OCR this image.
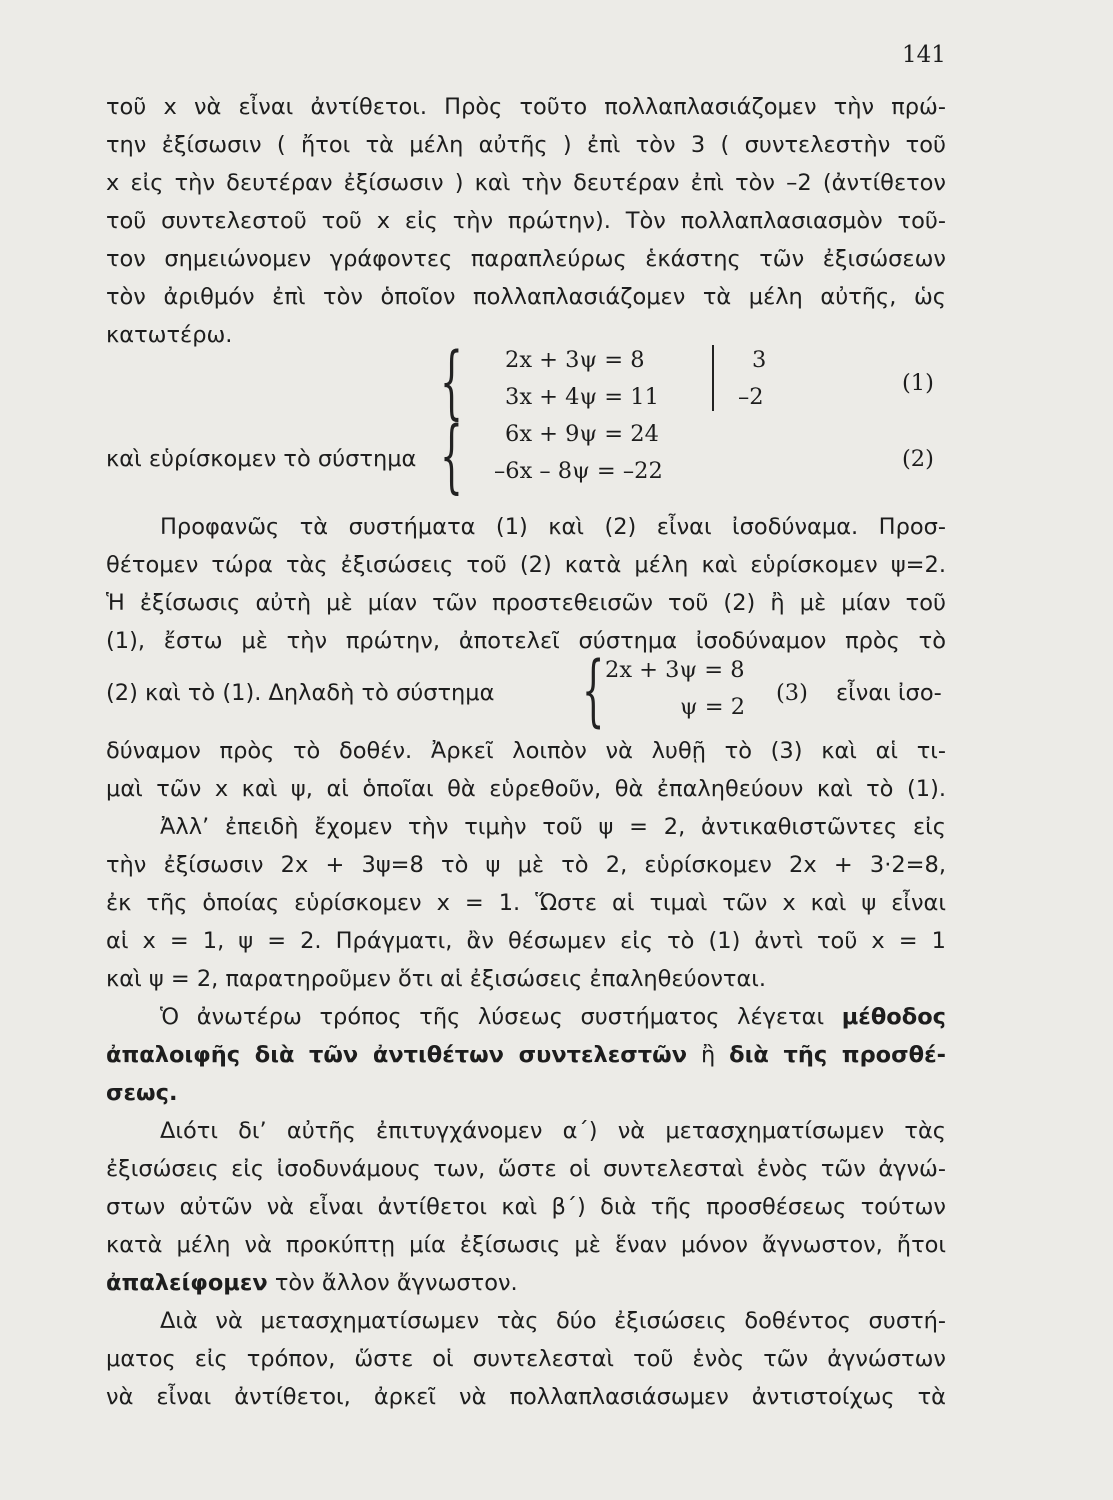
141
τοῦ x νὰ εἶναι ἀντίθετοι. Πρὸς τοῦτο πολλαπλασιάζομεν τὴν πρώ-
την ἐξίσωσιν ( ἤτοι τὰ μέλη αὐτῆς ) ἐπὶ τὸν 3 ( συντελεστὴν τοῦ
x εἰς τὴν δευτέραν ἐξίσωσιν ) καὶ τὴν δευτέραν ἐπὶ τὸν –2 (ἀντίθετον
τοῦ συντελεστοῦ τοῦ x εἰς τὴν πρώτην). Τὸν πολλαπλασιασμὸν τοῦ-
τον σημειώνομεν γράφοντες παραπλεύρως ἑκάστης τῶν ἐξισώσεων
τὸν ἀριθμόν ἐπὶ τὸν ὁποῖον πολλαπλασιάζομεν τὰ μέλη αὐτῆς, ὡς
κατωτέρω.	{ 2x + 3ψ = 8
3x + 4ψ = 11
3
–2
(1)
καὶ εὑρίσκομεν τὸ σύστημα { 6x + 9ψ = 24
–6x – 8ψ = –22	(2)
Προφανῶς τὰ συστήματα (1) καὶ (2) εἶναι ἰσοδύναμα. Προσ-
θέτομεν τώρα τὰς ἐξισώσεις τοῦ (2) κατὰ μέλη καὶ εὑρίσκομεν ψ=2.
Ἡ ἐξίσωσις αὐτὴ μὲ μίαν τῶν προστεθεισῶν τοῦ (2) ἢ μὲ μίαν τοῦ
(1), ἔστω μὲ τὴν πρώτην, ἀποτελεῖ σύστημα ἰσοδύναμον πρὸς τὸ
(2) καὶ τὸ (1). Δηλαδὴ τὸ σύστημα { 2x + 3ψ = 8
ψ = 2
(3) εἶναι ἰσο-
δύναμον πρὸς τὸ δοθέν. Ἀρκεῖ λοιπὸν νὰ λυθῇ τὸ (3) καὶ αἱ τι-
μαὶ τῶν x καὶ ψ, αἱ ὁποῖαι θὰ εὑρεθοῦν, θὰ ἐπαληθεύουν καὶ τὸ (1).
Ἀλλ’ ἐπειδὴ ἔχομεν τὴν τιμὴν τοῦ ψ = 2, ἀντικαθιστῶντες εἰς
τὴν ἐξίσωσιν 2x + 3ψ=8 τὸ ψ μὲ τὸ 2, εὑρίσκομεν 2x + 3·2=8,
ἐκ τῆς ὁποίας εὑρίσκομεν x = 1. Ὥστε αἱ τιμαὶ τῶν x καὶ ψ εἶναι
αἱ x = 1, ψ = 2. Πράγματι, ἂν θέσωμεν εἰς τὸ (1) ἀντὶ τοῦ x = 1
καὶ ψ = 2, παρατηροῦμεν ὅτι αἱ ἐξισώσεις ἐπαληθεύονται.
Ὁ ἀνωτέρω τρόπος τῆς λύσεως συστήματος λέγεται μέθοδος
ἀπαλοιφῆς διὰ τῶν ἀντιθέτων συντελεστῶν ἢ διὰ τῆς προσθέ-
σεως.
Διότι δι’ αὐτῆς ἐπιτυγχάνομεν α΄) νὰ μετασχηματίσωμεν τὰς
ἐξισώσεις εἰς ἰσοδυνάμους των, ὥστε οἱ συντελεσταὶ ἑνὸς τῶν ἀγνώ-
στων αὐτῶν νὰ εἶναι ἀντίθετοι καὶ β΄) διὰ τῆς προσθέσεως τούτων
κατὰ μέλη νὰ προκύπτῃ μία ἐξίσωσις μὲ ἕναν μόνον ἄγνωστον, ἤτοι
ἀπαλείφομεν τὸν ἄλλον ἄγνωστον.
Διὰ νὰ μετασχηματίσωμεν τὰς δύο ἐξισώσεις δοθέντος συστή-
ματος εἰς τρόπον, ὥστε οἱ συντελεσταὶ τοῦ ἑνὸς τῶν ἀγνώστων
νὰ εἶναι ἀντίθετοι, ἀρκεῖ νὰ πολλαπλασιάσωμεν ἀντιστοίχως τὰ
